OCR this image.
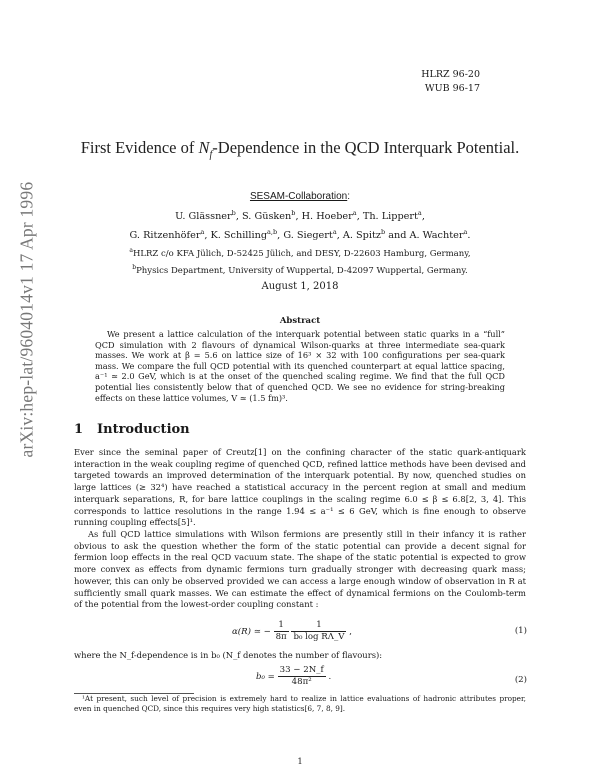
arXiv:hep-lat/9604014v1 17 Apr 1996
HLRZ 96-20
WUB 96-17
First Evidence of $N_f$-Dependence in the QCD Interquark Potential.
SESAM-Collaboration:
U. Glässner$^b$, S. Güsken$^b$, H. Hoeber$^a$, Th. Lippert$^a$,
G. Ritzenhöfer$^a$, K. Schilling$^{a,b}$, G. Siegert$^a$, A. Spitz$^b$ and A. Wachter$^a$.
$^a$HLRZ c/o KFA Jülich, D-52425 Jülich, and DESY, D-22603 Hamburg, Germany,
$^b$Physics Department, University of Wuppertal, D-42097 Wuppertal, Germany.
August 1, 2018
Abstract
We present a lattice calculation of the interquark potential between static quarks in a “full” QCD simulation with 2 flavours of dynamical Wilson-quarks at three intermediate sea-quark masses. We work at β = 5.6 on lattice size of 16³ × 32 with 100 configurations per sea-quark mass. We compare the full QCD potential with its quenched counterpart at equal lattice spacing, a⁻¹ ≃ 2.0 GeV, which is at the onset of the quenched scaling regime. We find that the full QCD potential lies consistently below that of quenched QCD. We see no evidence for string-breaking effects on these lattice volumes, V ≃ (1.5 fm)³.
1 Introduction
Ever since the seminal paper of Creutz[1] on the confining character of the static quark-antiquark interaction in the weak coupling regime of quenched QCD, refined lattice methods have been devised and targeted towards an improved determination of the interquark potential. By now, quenched studies on large lattices (≥ 32⁴) have reached a statistical accuracy in the percent region at small and medium interquark separations, R, for bare lattice couplings in the scaling regime 6.0 ≤ β ≤ 6.8[2, 3, 4]. This corresponds to lattice resolutions in the range 1.94 ≤ a⁻¹ ≤ 6 GeV, which is fine enough to observe running coupling effects[5]¹.
As full QCD lattice simulations with Wilson fermions are presently still in their infancy it is rather obvious to ask the question whether the form of the static potential can provide a decent signal for fermion loop effects in the real QCD vacuum state. The shape of the static potential is expected to grow more convex as effects from dynamic fermions turn gradually stronger with decreasing quark mass; however, this can only be observed provided we can access a large enough window of observation in R at sufficiently small quark masses. We can estimate the effect of dynamical fermions on the Coulomb-term of the potential from the lowest-order coupling constant :
α(R) ≃ − $\frac{1}{8\pi}$
$\frac{1}{\text{b₀ log RΛ\_V}}$ ,	(1)
where the N_f-dependence is in b₀ (N_f denotes the number of flavours):
$b_0 = \frac{33 - 2N\_f}{\text{48π²}}$ .	(2)
¹At present, such level of precision is extremely hard to realize in lattice evaluations of hadronic attributes proper, even in quenched QCD, since this requires very high statistics[6, 7, 8, 9].
1
